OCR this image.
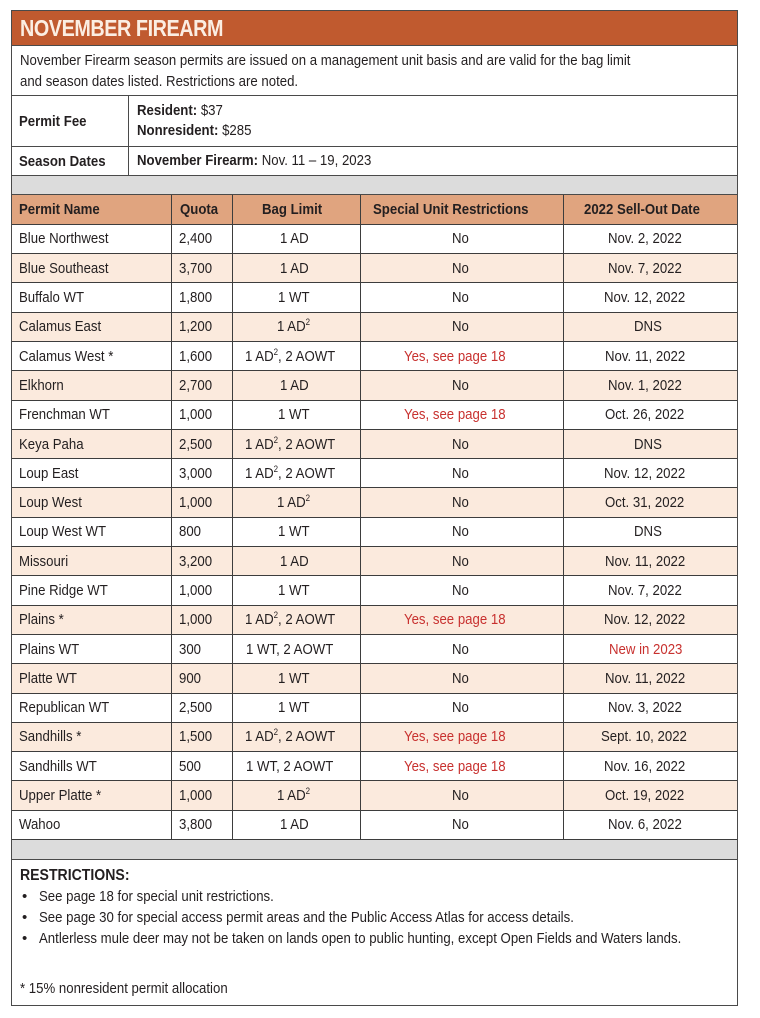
NOVEMBER FIREARM
November Firearm season permits are issued on a management unit basis and are valid for the bag limit
and season dates listed. Restrictions are noted.
Permit Fee
Resident: $37
Nonresident: $285
Season Dates November Firearm: Nov. 11 – 19, 2023
Permit Name	Quota	Bag Limit	Special Unit Restrictions	2022 Sell-Out Date
Blue Northwest	2,400	1 AD	No	Nov. 2, 2022
Blue Southeast	3,700	1 AD	No	Nov. 7, 2022
Buffalo WT	1,800	1 WT	No	Nov. 12, 2022
Calamus East	1,200	1 $AD^2$	No	DNS
Calamus West *	1,600	1 $AD^2$, 2 AOWT	Yes, see page 18	Nov. 11, 2022
Elkhorn	2,700	1 AD	No	Nov. 1, 2022
Frenchman WT	1,000	1 WT	Yes, see page 18	Oct. 26, 2022
Keya Paha	2,500	1 $AD^2$, 2 AOWT	No	DNS
Loup East	3,000	1 $AD^2$, 2 AOWT	No	Nov. 12, 2022
Loup West	1,000	1 $AD^2$	No	Oct. 31, 2022
Loup West WT	800	1 WT	No	DNS
Missouri	3,200	1 AD	No	Nov. 11, 2022
Pine Ridge WT	1,000	1 WT	No	Nov. 7, 2022
Plains *	1,000	1 $AD^2$, 2 AOWT	Yes, see page 18	Nov. 12, 2022
Plains WT	300	1 WT, 2 AOWT	No	New in 2023
Platte WT	900	1 WT	No	Nov. 11, 2022
Republican WT	2,500	1 WT	No	Nov. 3, 2022
Sandhills *	1,500	1 $AD^2$, 2 AOWT	Yes, see page 18	Sept. 10, 2022
Sandhills WT	500	1 WT, 2 AOWT	Yes, see page 18	Nov. 16, 2022
Upper Platte *	1,000	1 $AD^2$	No	Oct. 19, 2022
Wahoo	3,800	1 AD	No	Nov. 6, 2022
RESTRICTIONS:
• See page 18 for special unit restrictions.
• See page 30 for special access permit areas and the Public Access Atlas for access details.
• Antlerless mule deer may not be taken on lands open to public hunting, except Open Fields and Waters lands.
* 15% nonresident permit allocation
